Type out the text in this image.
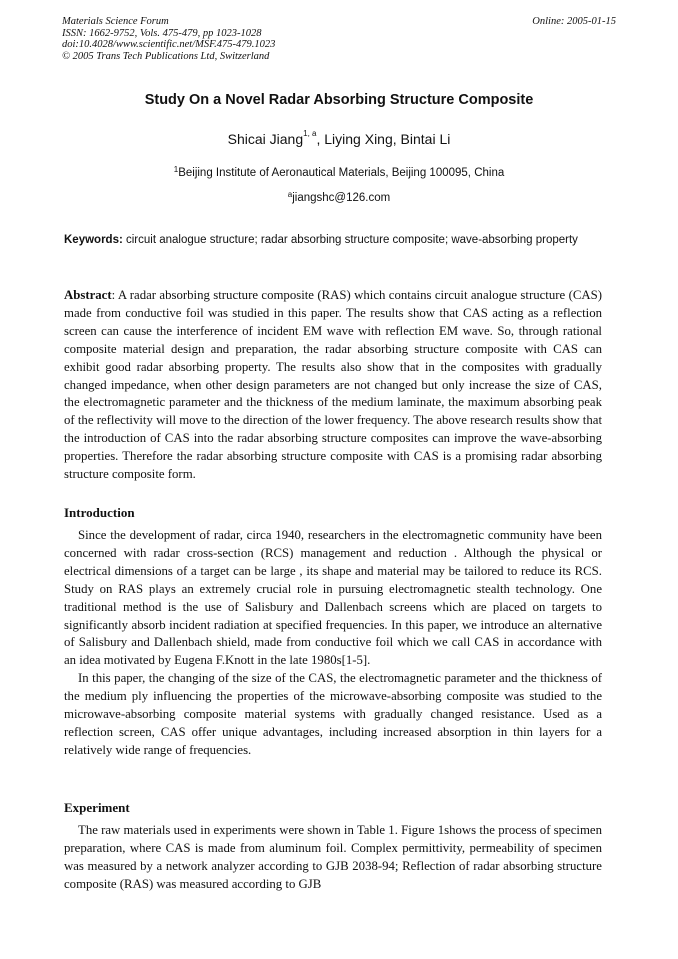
Materials Science Forum	Online: 2005-01-15
ISSN: 1662-9752, Vols. 475-479, pp 1023-1028
doi:10.4028/www.scientific.net/MSF.475-479.1023
© 2005 Trans Tech Publications Ltd, Switzerland
Study On a Novel Radar Absorbing Structure Composite
Shicai Jiang$^{1, a}$, Liying Xing, Bintai Li
$^1$Beijing Institute of Aeronautical Materials, Beijing 100095, China
$^a$jiangshc@126.com
Keywords: circuit analogue structure; radar absorbing structure composite; wave-absorbing property
Abstract: A radar absorbing structure composite (RAS) which contains circuit analogue structure (CAS) made from conductive foil was studied in this paper. The results show that CAS acting as a reflection screen can cause the interference of incident EM wave with reflection EM wave. So, through rational composite material design and preparation, the radar absorbing structure composite with CAS can exhibit good radar absorbing property. The results also show that in the composites with gradually changed impedance, when other design parameters are not changed but only increase the size of CAS, the electromagnetic parameter and the thickness of the medium laminate, the maximum absorbing peak of the reflectivity will move to the direction of the lower frequency. The above research results show that the introduction of CAS into the radar absorbing structure composites can improve the wave-absorbing properties. Therefore the radar absorbing structure composite with CAS is a promising radar absorbing structure composite form.
Introduction

Since the development of radar, circa 1940, researchers in the electromagnetic community have been concerned with radar cross-section (RCS) management and reduction . Although the physical or electrical dimensions of a target can be large , its shape and material may be tailored to reduce its RCS. Study on RAS plays an extremely crucial role in pursuing electromagnetic stealth technology. One traditional method is the use of Salisbury and Dallenbach screens which are placed on targets to significantly absorb incident radiation at specified frequencies. In this paper, we introduce an alternative of Salisbury and Dallenbach shield, made from conductive foil which we call CAS in accordance with an idea motivated by Eugena F.Knott in the late 1980s[1-5].

In this paper, the changing of the size of the CAS, the electromagnetic parameter and the thickness of the medium ply influencing the properties of the microwave-absorbing composite was studied to the microwave-absorbing composite material systems with gradually changed resistance. Used as a reflection screen, CAS offer unique advantages, including increased absorption in thin layers for a relatively wide range of frequencies.

Experiment

The raw materials used in experiments were shown in Table 1. Figure 1shows the process of specimen preparation, where CAS is made from aluminum foil. Complex permittivity, permeability of specimen was measured by a network analyzer according to GJB 2038-94; Reflection of radar absorbing structure composite (RAS) was measured according to GJB
